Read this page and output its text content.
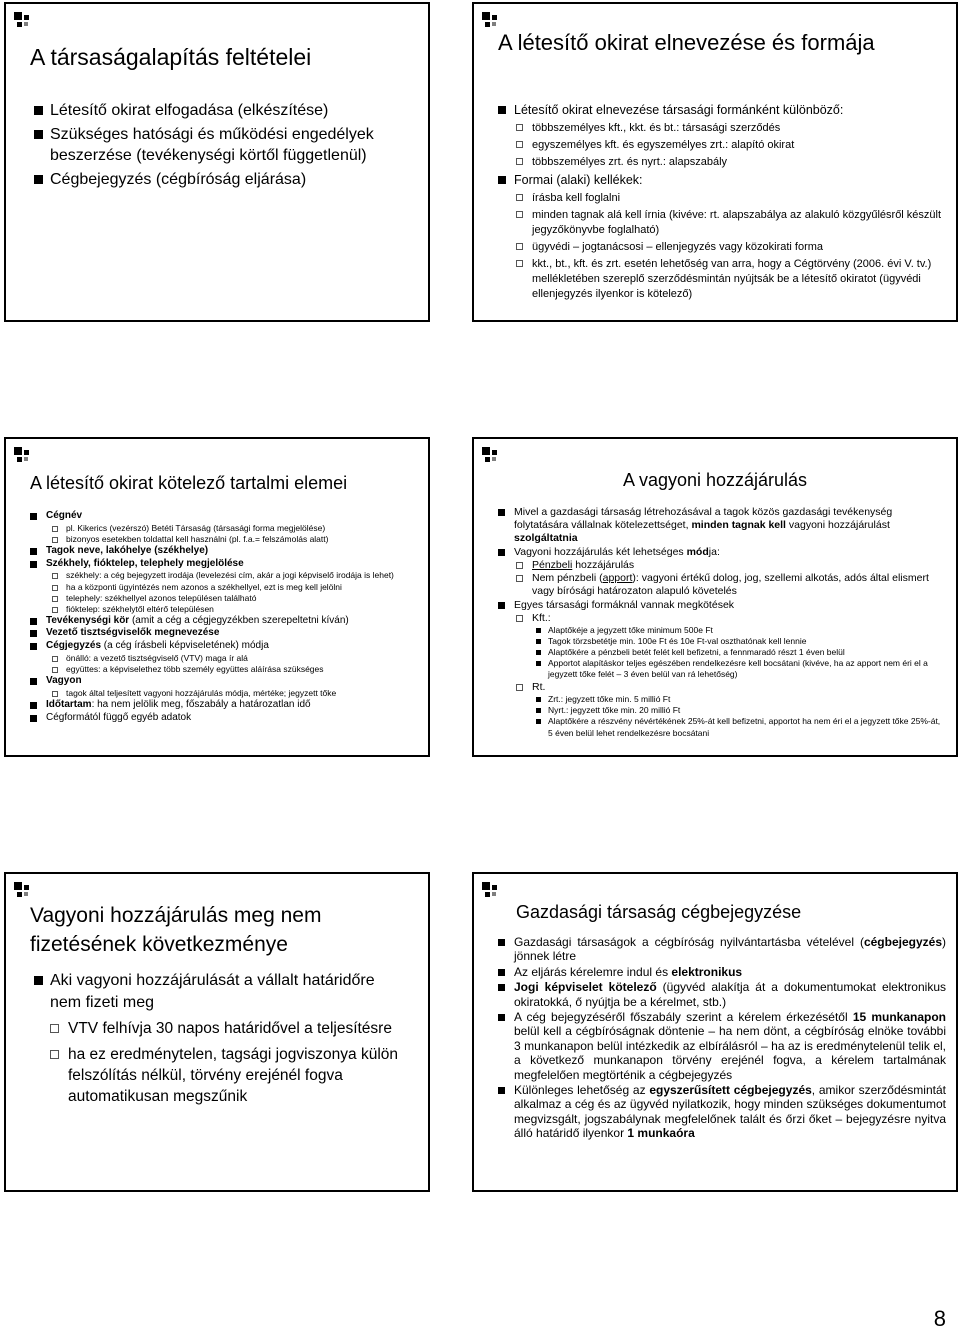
A társaságalapítás feltételei
Létesítő okirat elfogadása (elkészítése)
Szükséges hatósági és működési engedélyek beszerzése (tevékenységi körtől függetlenül)
Cégbejegyzés (cégbíróság eljárása)
A létesítő okirat elnevezése és formája
Létesítő okirat elnevezése társasági formánként különböző:
többszemélyes kft., kkt. és bt.: társasági szerződés
egyszemélyes kft. és egyszemélyes zrt.: alapító okirat
többszemélyes zrt. és nyrt.: alapszabály
Formai (alaki) kellékek:
írásba kell foglalni
minden tagnak alá kell írnia (kivéve: rt. alapszabálya az alakuló közgyűlésről készült jegyzőkönyvbe foglalható)
ügyvédi – jogtanácsosi – ellenjegyzés vagy közokirati forma
kkt., bt., kft. és zrt. esetén lehetőség van arra, hogy a Cégtörvény (2006. évi V. tv.) mellékletében szereplő szerződésmintán nyújtsák be a létesítő okiratot (ügyvédi ellenjegyzés ilyenkor is kötelező)
A létesítő okirat kötelező tartalmi elemei
Cégnév
pl. Kikerics (vezérszó) Betéti Társaság (társasági forma megjelölése)
bizonyos esetekben toldattal kell használni (pl. f.a.= felszámolás alatt)
Tagok neve, lakóhelye (székhelye)
Székhely, fióktelep, telephely megjelölése
székhely: a cég bejegyzett irodája (levelezési cím, akár a jogi képviselő irodája is lehet)
ha a központi ügyintézés nem azonos a székhellyel, ezt is meg kell jelölni
telephely: székhellyel azonos településen található
fióktelep: székhelytől eltérő településen
Tevékenységi kör (amit a cég a cégjegyzékben szerepeltetni kíván)
Vezető tisztségviselők megnevezése
Cégjegyzés (a cég írásbeli képviseletének) módja
önálló: a vezető tisztségviselő (VTV) maga ír alá
együttes: a képviselethez több személy együttes aláírása szükséges
Vagyon
tagok által teljesített vagyoni hozzájárulás módja, mértéke; jegyzett tőke
Időtartam: ha nem jelölik meg, főszabály a határozatlan idő
Cégformától függő egyéb adatok
A vagyoni hozzájárulás
Mivel a gazdasági társaság létrehozásával a tagok közös gazdasági tevékenység folytatására vállalnak kötelezettséget, minden tagnak kell vagyoni hozzájárulást szolgáltatnia
Vagyoni hozzájárulás két lehetséges módja:
Pénzbeli hozzájárulás
Nem pénzbeli (apport): vagyoni értékű dolog, jog, szellemi alkotás, adós által elismert vagy bírósági határozaton alapuló követelés
Egyes társasági formáknál vannak megkötések
Kft.:
Alaptőkéje a jegyzett tőke minimum 500e Ft
Tagok törzsbetétje min. 100e Ft és 10e Ft-val oszthatónak kell lennie
Alaptőkére a pénzbeli betét felét kell befizetni, a fennmaradó részt 1 éven belül
Apportot alapításkor teljes egészében rendelkezésre kell bocsátani (kivéve, ha az apport nem éri el a jegyzett tőke felét – 3 éven belül van rá lehetőség)
Rt.
Zrt.: jegyzett tőke min. 5 millió Ft
Nyrt.: jegyzett tőke min. 20 millió Ft
Alaptőkére a részvény névértékének 25%-át kell befizetni, apportot ha nem éri el a jegyzett tőke 25%-át, 5 éven belül lehet rendelkezésre bocsátani
Vagyoni hozzájárulás meg nem fizetésének következménye
Aki vagyoni hozzájárulását a vállalt határidőre nem fizeti meg
VTV felhívja 30 napos határidővel a teljesítésre
ha ez eredménytelen, tagsági jogviszonya külön felszólítás nélkül, törvény erejénél fogva automatikusan megszűnik
Gazdasági társaság cégbejegyzése
Gazdasági társaságok a cégbíróság nyilvántartásba vételével (cégbejegyzés) jönnek létre
Az eljárás kérelemre indul és elektronikus
Jogi képviselet kötelező (ügyvéd alakítja át a dokumentumokat elektronikus okiratokká, ő nyújtja be a kérelmet, stb.)
A cég bejegyzéséről főszabály szerint a kérelem érkezésétől 15 munkanapon belül kell a cégbíróságnak döntenie – ha nem dönt, a cégbíróság elnöke további 3 munkanapon belül intézkedik az elbírálásról – ha az is eredménytelenül telik el, a következő munkanapon törvény erejénél fogva, a kérelem tartalmának megfelelően megtörténik a cégbejegyzés
Különleges lehetőség az egyszerűsített cégbejegyzés, amikor szerződésmintát alkalmaz a cég és az ügyvéd nyilatkozik, hogy minden szükséges dokumentumot megvizsgált, jogszabálynak megfelelőnek talált és őrzi őket – bejegyzésre nyitva álló határidő ilyenkor 1 munkaóra
8
